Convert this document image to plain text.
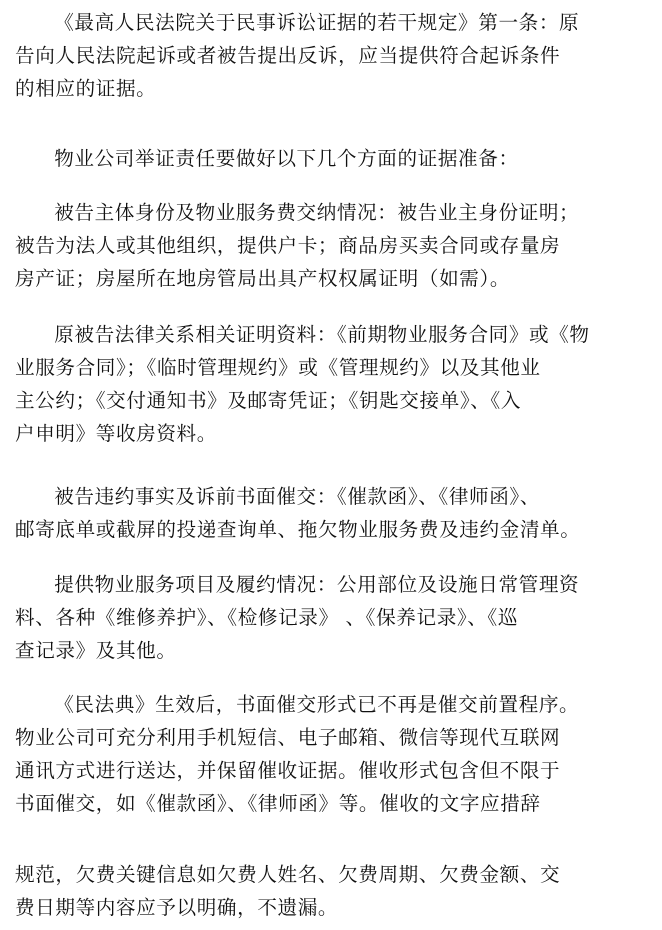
《最高人民法院关于民事诉讼证据的若干规定》第一条：原
告向人民法院起诉或者被告提出反诉，应当提供符合起诉条件
的相应的证据。

物业公司举证责任要做好以下几个方面的证据准备：

被告主体身份及物业服务费交纳情况：被告业主身份证明；
被告为法人或其他组织，提供户卡；商品房买卖合同或存量房
房产证；房屋所在地房管局出具产权权属证明（如需）。

原被告法律关系相关证明资料：《前期物业服务合同》或《物
业服务合同》；《临时管理规约》或《管理规约》以及其他业
主公约；《交付通知书》及邮寄凭证；《钥匙交接单》、《入
户申明》等收房资料。

被告违约事实及诉前书面催交：《催款函》、《律师函》、
邮寄底单或截屏的投递查询单、拖欠物业服务费及违约金清单。

提供物业服务项目及履约情况：公用部位及设施日常管理资
料、各种《维修养护》、《检修记录》 、《保养记录》、《巡
查记录》及其他。

《民法典》生效后，书面催交形式已不再是催交前置程序。
物业公司可充分利用手机短信、电子邮箱、微信等现代互联网
通讯方式进行送达，并保留催收证据。催收形式包含但不限于
书面催交，如《催款函》、《律师函》等。催收的文字应措辞

规范，欠费关键信息如欠费人姓名、欠费周期、欠费金额、交
费日期等内容应予以明确，不遗漏。
